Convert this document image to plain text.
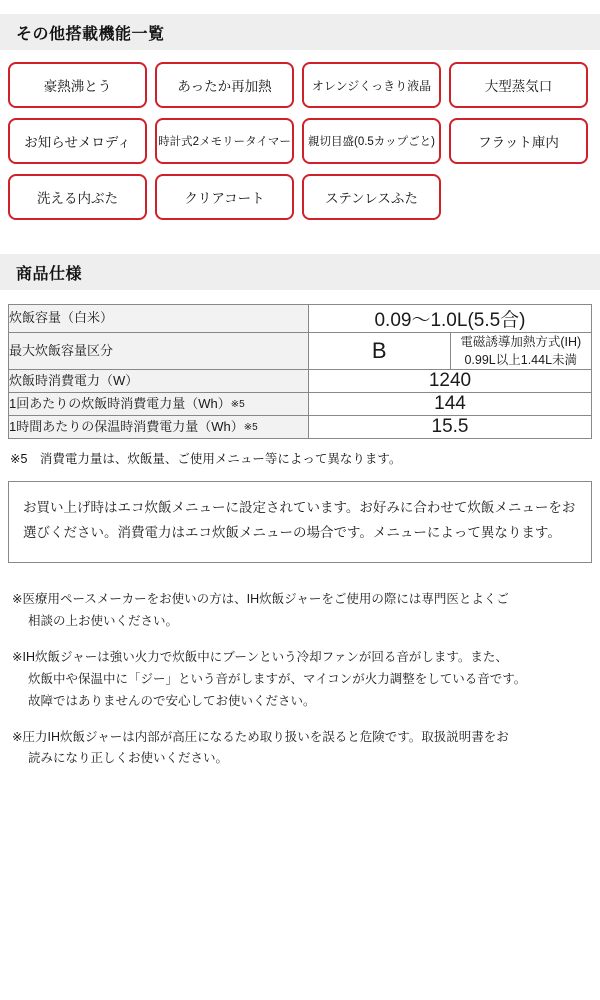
その他搭載機能一覧
豪熱沸とう	あったか再加熱	オレンジくっきり液晶	大型蒸気口
お知らせメロディ	時計式2メモリータイマー	親切目盛(0.5カップごと)	フラット庫内
洗える内ぶた	クリアコート	ステンレスふた
商品仕様
炊飯容量（白米）	0.09〜1.0L(5.5合)	
最大炊飯容量区分	B	電磁誘導加熱方式(IH)
0.99L以上1.44L未満

炊飯時消費電力（W）	1240	
1回あたりの炊飯時消費電力量（Wh）※5	144	
1時間あたりの保温時消費電力量（Wh）※5	15.5	
※5　消費電力量は、炊飯量、ご使用メニュー等によって異なります。
お買い上げ時はエコ炊飯メニューに設定されています。お好みに合わせて炊飯メニューをお選びください。消費電力はエコ炊飯メニューの場合です。メニューによって異なります。

※医療用ペースメーカーをお使いの方は、IH炊飯ジャーをご使用の際には専門医とよくご
相談の上お使いください。

※IH炊飯ジャーは強い火力で炊飯中にブーンという冷却ファンが回る音がします。また、
炊飯中や保温中に「ジー」という音がしますが、マイコンが火力調整をしている音です。
故障ではありませんので安心してお使いください。

※圧力IH炊飯ジャーは内部が高圧になるため取り扱いを誤ると危険です。取扱説明書をお
読みになり正しくお使いください。
